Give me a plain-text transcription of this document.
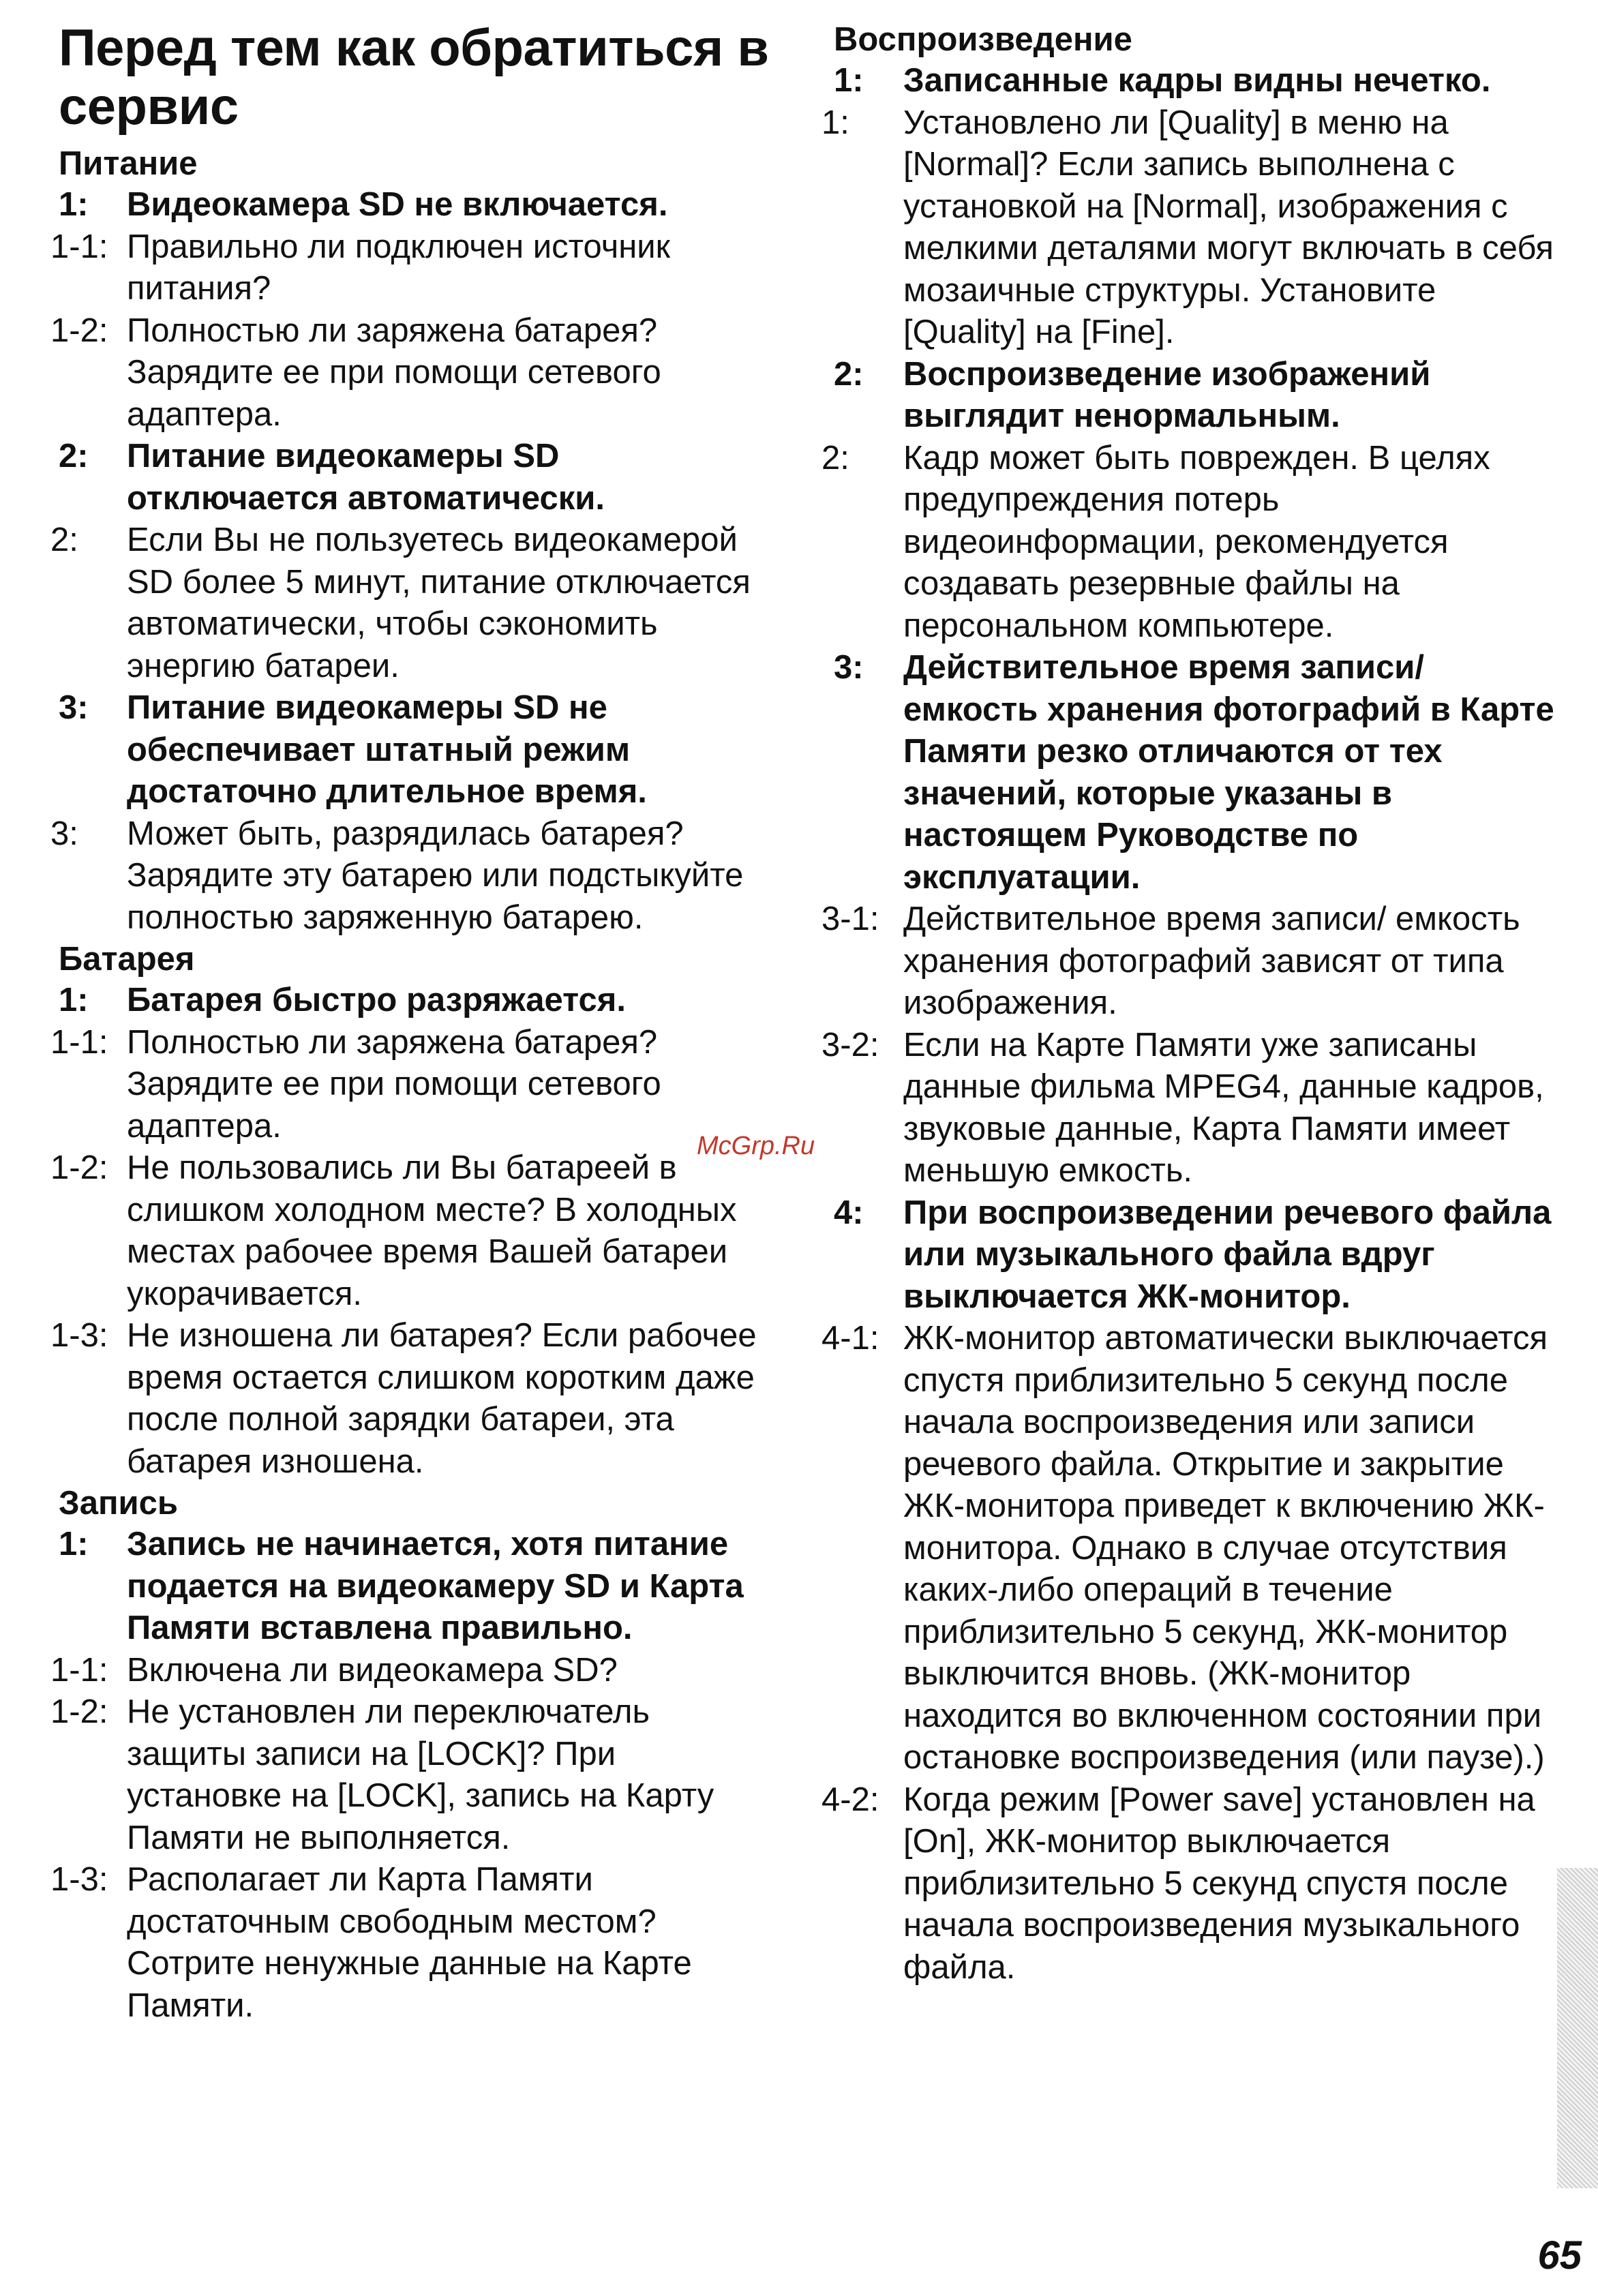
Перед тем как обратиться в сервис
Питание
1:	Видеокамера SD не включается.
1-1: Правильно ли подключен источник питания?
1-2: Полностью ли заряжена батарея? Зарядите ее при помощи сетевого адаптера.
2:	Питание видеокамеры SD отключается автоматически.
2:	Если Вы не пользуетесь видеокамерой SD более 5 минут, питание отключается автоматически, чтобы сэкономить энергию батареи.
3:	Питание видеокамеры SD не обеспечивает штатный режим достаточно длительное время.
3:	Может быть, разрядилась батарея? Зарядите эту батарею или подстыкуйте полностью заряженную батарею.
Батарея
1:	Батарея быстро разряжается.
1-1: Полностью ли заряжена батарея? Зарядите ее при помощи сетевого адаптера.
1-2: Не пользовались ли Вы батареей в слишком холодном месте? В холодных местах рабочее время Вашей батареи укорачивается.
1-3: Не изношена ли батарея? Если рабочее время остается слишком коротким даже после полной зарядки батареи, эта батарея изношена.
Запись
1:	Запись не начинается, хотя питание подается на видеокамеру SD и Карта Памяти вставлена правильно.
1-1: Включена ли видеокамера SD?
1-2: Не установлен ли переключатель защиты записи на [LOCK]? При установке на [LOCK], запись на Карту Памяти не выполняется.
1-3: Располагает ли Карта Памяти достаточным свободным местом? Сотрите ненужные данные на Карте Памяти.
Воспроизведение
1:	Записанные кадры видны нечетко.
1:	Установлено ли [Quality] в меню на [Normal]? Если запись выполнена с установкой на [Normal], изображения с мелкими деталями могут включать в себя мозаичные структуры. Установите [Quality] на [Fine].
2:	Воспроизведение изображений выглядит ненормальным.
2:	Кадр может быть поврежден. В целях предупреждения потерь видеоинформации, рекомендуется создавать резервные файлы на персональном компьютере.
3:	Действительное время записи/ емкость хранения фотографий в Карте Памяти резко отличаются от тех значений, которые указаны в настоящем Руководстве по эксплуатации.
3-1: Действительное время записи/ емкость хранения фотографий зависят от типа изображения.
3-2: Если на Карте Памяти уже записаны данные фильма MPEG4, данные кадров, звуковые данные, Карта Памяти имеет меньшую емкость.
4:	При воспроизведении речевого файла или музыкального файла вдруг выключается ЖК-монитор.
4-1: ЖК-монитор автоматически выключается спустя приблизительно 5 секунд после начала воспроизведения или записи речевого файла. Открытие и закрытие ЖК-монитора приведет к включению ЖК-монитора. Однако в случае отсутствия каких-либо операций в течение приблизительно 5 секунд, ЖК-монитор выключится вновь. (ЖК-монитор находится во включенном состоянии при остановке воспроизведения (или паузе).)
4-2: Когда режим [Power save] установлен на [On], ЖК-монитор выключается приблизительно 5 секунд спустя после начала воспроизведения музыкального файла.
McGrp.Ru
65
